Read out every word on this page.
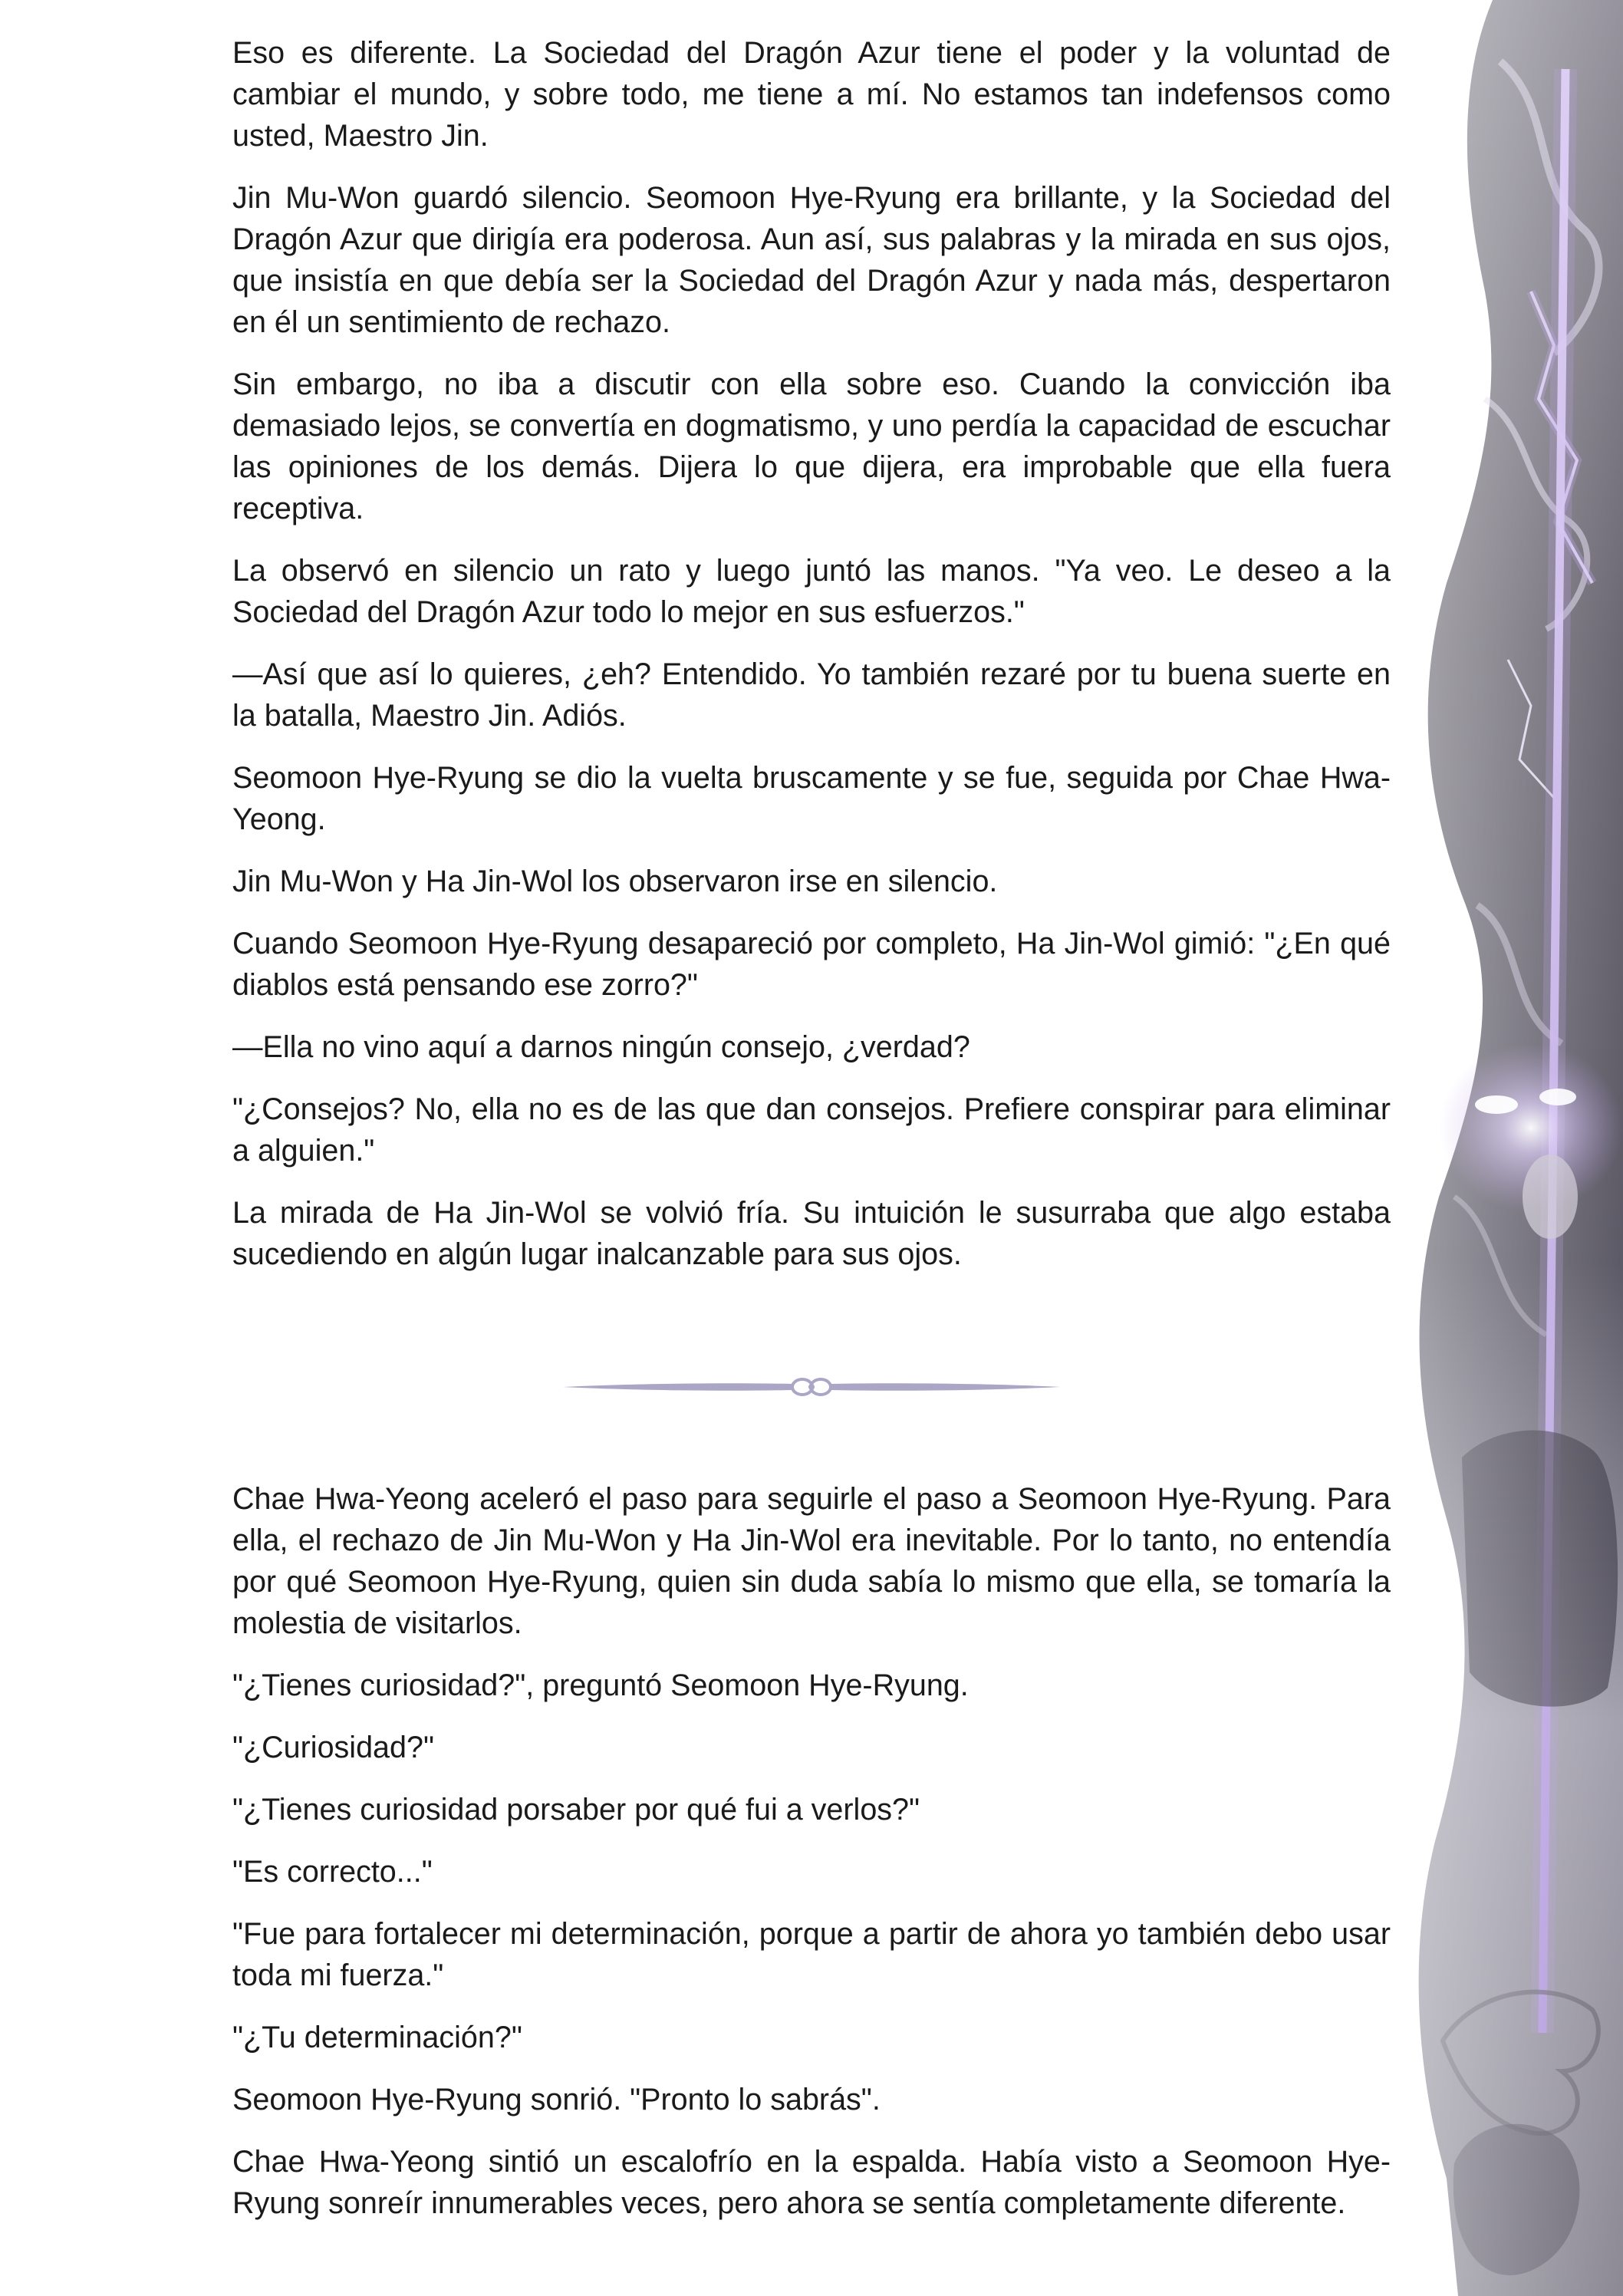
Eso es diferente. La Sociedad del Dragón Azur tiene el poder y la voluntad de cambiar el mundo, y sobre todo, me tiene a mí. No estamos tan indefensos como usted, Maestro Jin.

Jin Mu-Won guardó silencio. Seomoon Hye-Ryung era brillante, y la Sociedad del Dragón Azur que dirigía era poderosa. Aun así, sus palabras y la mirada en sus ojos, que insistía en que debía ser la Sociedad del Dragón Azur y nada más, despertaron en él un sentimiento de rechazo.

Sin embargo, no iba a discutir con ella sobre eso. Cuando la convicción iba demasiado lejos, se convertía en dogmatismo, y uno perdía la capacidad de escuchar las opiniones de los demás. Dijera lo que dijera, era improbable que ella fuera receptiva.

La observó en silencio un rato y luego juntó las manos. "Ya veo. Le deseo a la Sociedad del Dragón Azur todo lo mejor en sus esfuerzos."

—Así que así lo quieres, ¿eh? Entendido. Yo también rezaré por tu buena suerte en la batalla, Maestro Jin. Adiós.

Seomoon Hye-Ryung se dio la vuelta bruscamente y se fue, seguida por Chae Hwa-Yeong.

Jin Mu-Won y Ha Jin-Wol los observaron irse en silencio.

Cuando Seomoon Hye-Ryung desapareció por completo, Ha Jin-Wol gimió: "¿En qué diablos está pensando ese zorro?"

—Ella no vino aquí a darnos ningún consejo, ¿verdad?

"¿Consejos? No, ella no es de las que dan consejos. Prefiere conspirar para eliminar a alguien."

La mirada de Ha Jin-Wol se volvió fría. Su intuición le susurraba que algo estaba sucediendo en algún lugar inalcanzable para sus ojos.

Chae Hwa-Yeong aceleró el paso para seguirle el paso a Seomoon Hye-Ryung. Para ella, el rechazo de Jin Mu-Won y Ha Jin-Wol era inevitable. Por lo tanto, no entendía por qué Seomoon Hye-Ryung, quien sin duda sabía lo mismo que ella, se tomaría la molestia de visitarlos.

"¿Tienes curiosidad?", preguntó Seomoon Hye-Ryung.

"¿Curiosidad?"

"¿Tienes curiosidad porsaber por qué fui a verlos?"

"Es correcto..."

"Fue para fortalecer mi determinación, porque a partir de ahora yo también debo usar toda mi fuerza."

"¿Tu determinación?"

Seomoon Hye-Ryung sonrió. "Pronto lo sabrás".

Chae Hwa-Yeong sintió un escalofrío en la espalda. Había visto a Seomoon Hye-Ryung sonreír innumerables veces, pero ahora se sentía completamente diferente.
